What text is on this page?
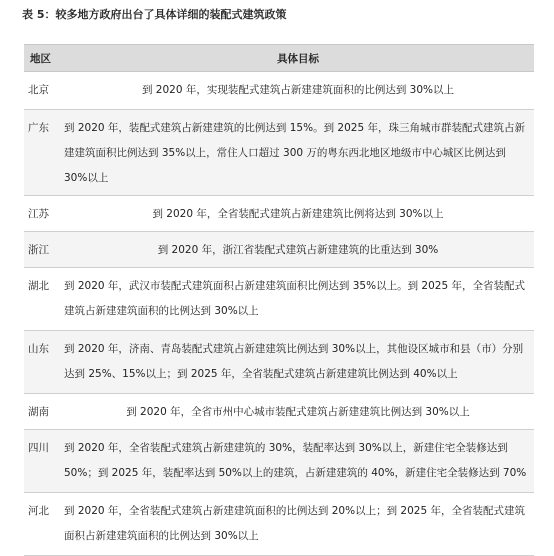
表 5：较多地方政府出台了具体详细的装配式建筑政策
地区	具体目标
北京	到 2020 年，实现装配式建筑占新建建筑面积的比例达到 30%以上
广东	到 2020 年，装配式建筑占新建建筑的比例达到 15%。到 2025 年，珠三角城市群装配式建筑占新建建筑面积比例达到 35%以上，常住人口超过 300 万的粤东西北地区地级市中心城区比例达到 30%以上
江苏	到 2020 年，全省装配式建筑占新建建筑比例将达到 30%以上
浙江	到 2020 年，浙江省装配式建筑占新建建筑的比重达到 30%
湖北	到 2020 年，武汉市装配式建筑面积占新建建筑面积比例达到 35%以上。到 2025 年，全省装配式建筑占新建建筑面积的比例达到 30%以上
山东	到 2020 年，济南、青岛装配式建筑占新建建筑比例达到 30%以上，其他设区城市和县（市）分别达到 25%、15%以上；到 2025 年，全省装配式建筑占新建建筑比例达到 40%以上
湖南	到 2020 年，全省市州中心城市装配式建筑占新建建筑比例达到 30%以上
四川	到 2020 年，全省装配式建筑占新建建筑的 30%，装配率达到 30%以上，新建住宅全装修达到 50%；到 2025 年，装配率达到 50%以上的建筑，占新建建筑的 40%，新建住宅全装修达到 70%
河北	到 2020 年，全省装配式建筑占新建建筑面积的比例达到 20%以上；到 2025 年，全省装配式建筑面积占新建建筑面积的比例达到 30%以上
